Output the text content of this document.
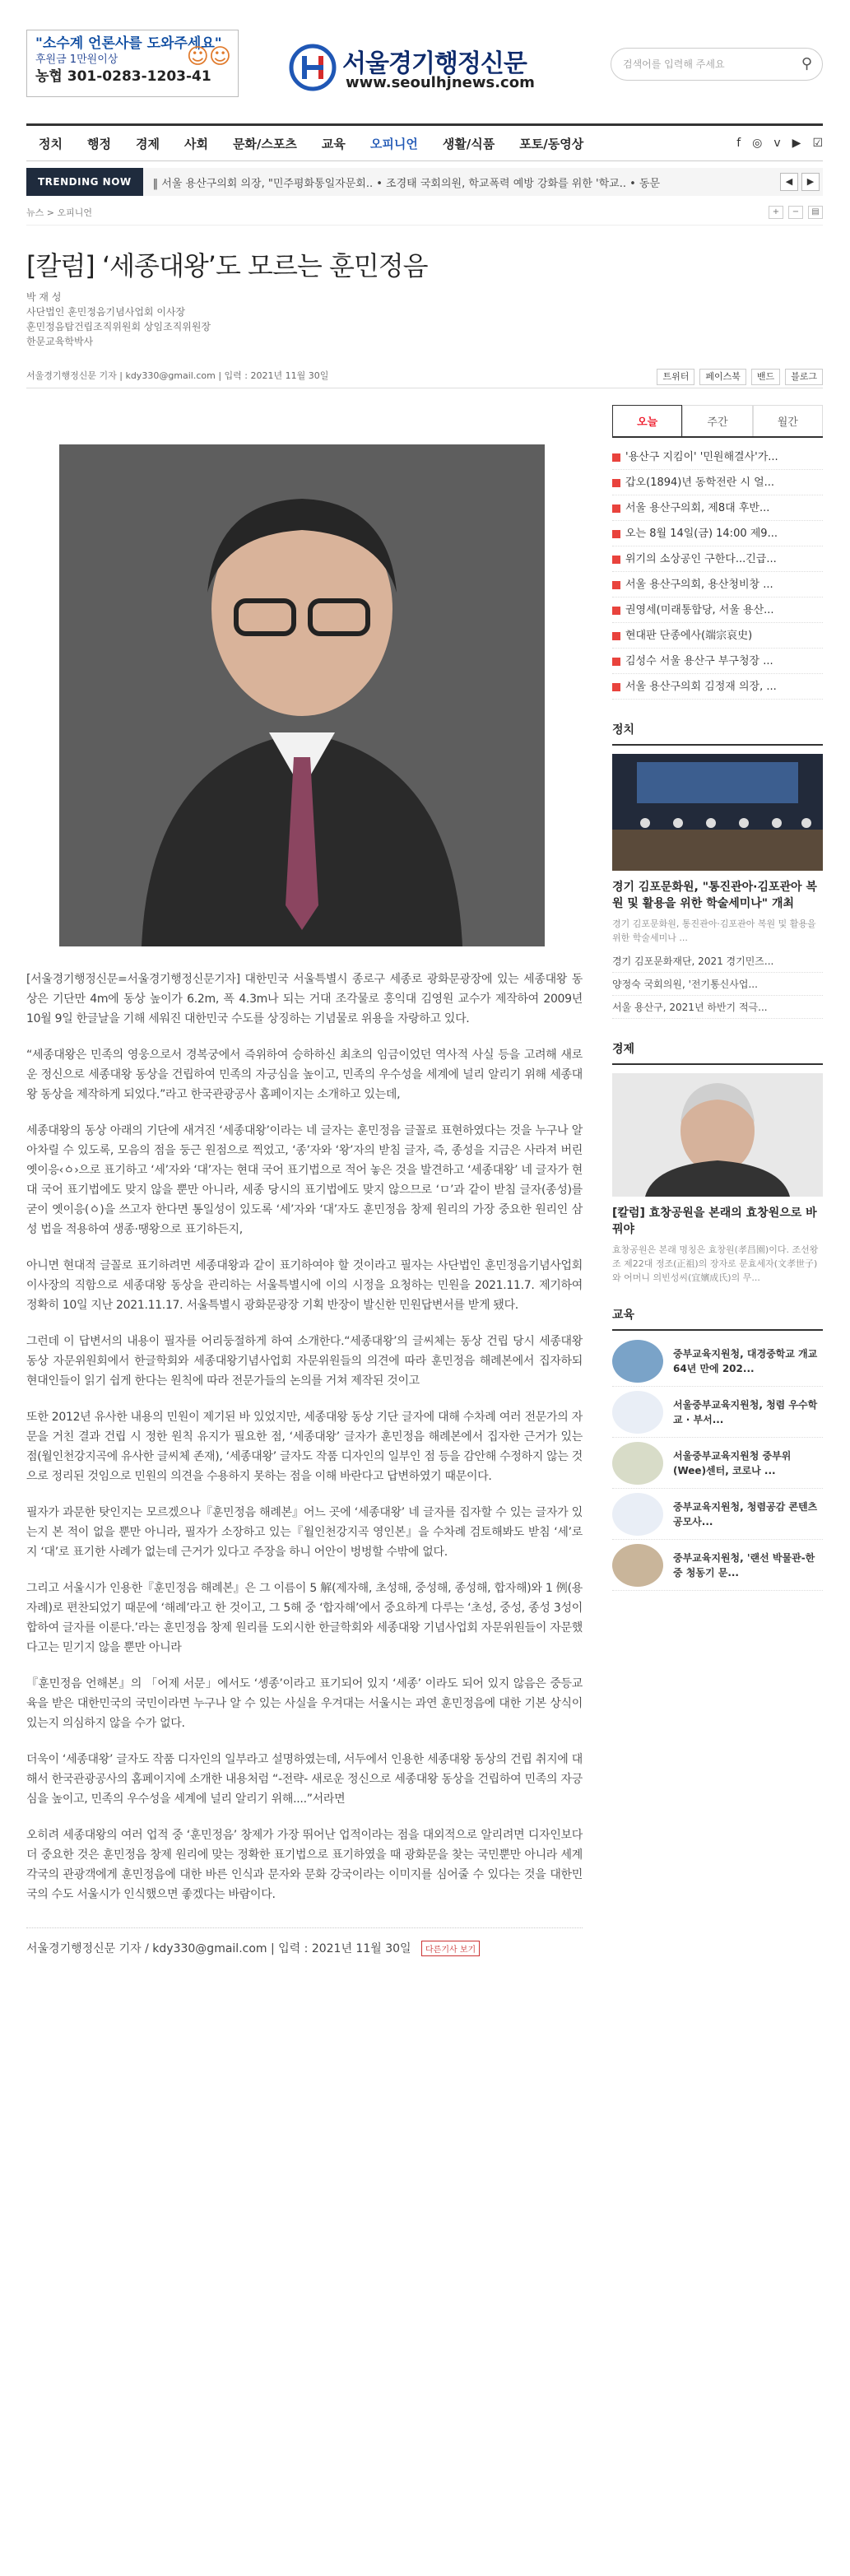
"소수계 언론사를 도와주세요"
후원금 1만원이상
농협 301-0283-1203-41
☺☺	서울경기행정신문
www.seoulhjnews.com
검색어를 입력해 주세요	⚲
정치	행정	경제	사회	문화/스포츠	교육	오피니언	생활/식품	포토/동영상	f ◎ v ▶ ☑
TRENDING NOW	‖ 서울 용산구의회 의장, "민주평화통일자문회.. • 조경태 국회의원, 학교폭력 예방 강화를 위한 '학교.. • 동문	◀	▶
뉴스 > 오피니언	+	−	▤
[칼럼] ‘세종대왕’도 모르는 훈민정음
박 재 성
사단법인 훈민정음기념사업회 이사장
훈민정음탑건립조직위원회 상임조직위원장
한문교육학박사
서울경기행정신문 기자 | kdy330@gmail.com | 입력 : 2021년 11월 30일	트위터	페이스북	밴드	블로그

[서울경기행정신문=서울경기행정신문기자] 대한민국 서울특별시 종로구 세종로 광화문광장에 있는 세종대왕 동상은 기단만 4m에 동상 높이가 6.2m, 폭 4.3m나 되는 거대 조각물로 홍익대 김영원 교수가 제작하여 2009년 10월 9일 한글날을 기해 세워진 대한민국 수도를 상징하는 기념물로 위용을 자랑하고 있다.

“세종대왕은 민족의 영웅으로서 경복궁에서 즉위하여 승하하신 최초의 임금이었던 역사적 사실 등을 고려해 새로운 정신으로 세종대왕 동상을 건립하여 민족의 자긍심을 높이고, 민족의 우수성을 세계에 널리 알리기 위해 세종대왕 동상을 제작하게 되었다.”라고 한국관광공사 홈페이지는 소개하고 있는데,

세종대왕의 동상 아래의 기단에 새겨진 ‘세종대왕’이라는 네 글자는 훈민정음 글꼴로 표현하였다는 것을 누구나 알아차릴 수 있도록, 모음의 점을 둥근 원점으로 찍었고, ‘종’자와 ‘왕’자의 받침 글자, 즉, 종성을 지금은 사라져 버린 옛이응‹ㆁ›으로 표기하고 ‘세’자와 ‘대’자는 현대 국어 표기법으로 적어 놓은 것을 발견하고 ‘세종대왕’ 네 글자가 현대 국어 표기법에도 맞지 않을 뿐만 아니라, 세종 당시의 표기법에도 맞지 않으므로 ‘ㅁ’과 같이 받침 글자(종성)를 굳이 옛이응(ㆁ)을 쓰고자 한다면 통일성이 있도록 ‘세’자와 ‘대’자도 훈민정음 창제 원리의 가장 중요한 원리인 삼성 법을 적용하여 생종·땡왕으로 표기하든지,

아니면 현대적 글꼴로 표기하려면 세종대왕과 같이 표기하여야 할 것이라고 필자는 사단법인 훈민정음기념사업회 이사장의 직함으로 세종대왕 동상을 관리하는 서울특별시에 이의 시정을 요청하는 민원을 2021.11.7. 제기하여 정확히 10일 지난 2021.11.17. 서울특별시 광화문광장 기획 반장이 발신한 민원답변서를 받게 됐다.

그런데 이 답변서의 내용이 필자를 어리둥절하게 하여 소개한다.“세종대왕’의 글씨체는 동상 건립 당시 세종대왕 동상 자문위원회에서 한글학회와 세종대왕기념사업회 자문위원들의 의견에 따라 훈민정음 해례본에서 집자하되 현대인들이 읽기 쉽게 한다는 원칙에 따라 전문가들의 논의를 거쳐 제작된 것이고

또한 2012년 유사한 내용의 민원이 제기된 바 있었지만, 세종대왕 동상 기단 글자에 대해 수차례 여러 전문가의 자문을 거친 결과 건립 시 정한 원칙 유지가 필요한 점, ‘세종대왕’ 글자가 훈민정음 해례본에서 집자한 근거가 있는 점(월인천강지곡에 유사한 글씨체 존재), ‘세종대왕’ 글자도 작품 디자인의 일부인 점 등을 감안해 수정하지 않는 것으로 정리된 것임으로 민원의 의견을 수용하지 못하는 점을 이해 바란다고 답변하였기 때문이다.

필자가 과문한 탓인지는 모르겠으나『훈민정음 해례본』어느 곳에 ‘세종대왕’ 네 글자를 집자할 수 있는 글자가 있는지 본 적이 없을 뿐만 아니라, 필자가 소장하고 있는『월인천강지곡 영인본』을 수차례 검토해봐도 받침 ‘세’로 지 ‘대’로 표기한 사례가 없는데 근거가 있다고 주장을 하니 어안이 벙벙할 수밖에 없다.

그리고 서울시가 인용한『훈민정음 해례본』은 그 이름이 5 解(제자해, 초성해, 중성해, 종성해, 합자해)와 1 例(용자례)로 편찬되었기 때문에 ‘해례’라고 한 것이고, 그 5해 중 ‘합자해’에서 중요하게 다루는 ‘초성, 중성, 종성 3성이 합하여 글자를 이룬다.’라는 훈민정음 창제 원리를 도외시한 한글학회와 세종대왕 기념사업회 자문위원들이 자문했다고는 믿기지 않을 뿐만 아니라

『훈민정음 언해본』의 「어제 서문」에서도 ‘솅종’이라고 표기되어 있지 ‘세종’ 이라도 되어 있지 않음은 중등교육을 받은 대한민국의 국민이라면 누구나 알 수 있는 사실을 우겨대는 서울시는 과연 훈민정음에 대한 기본 상식이 있는지 의심하지 않을 수가 없다.

더욱이 ‘세종대왕’ 글자도 작품 디자인의 일부라고 설명하였는데, 서두에서 인용한 세종대왕 동상의 건립 취지에 대해서 한국관광공사의 홈페이지에 소개한 내용처럼 “-전략- 새로운 정신으로 세종대왕 동상을 건립하여 민족의 자긍심을 높이고, 민족의 우수성을 세계에 널리 알리기 위해....”서라면

오히려 세종대왕의 여러 업적 중 ‘훈민정음’ 창제가 가장 뛰어난 업적이라는 점을 대외적으로 알리려면 디자인보다 더 중요한 것은 훈민정음 창제 원리에 맞는 정확한 표기법으로 표기하였을 때 광화문을 찾는 국민뿐만 아니라 세계 각국의 관광객에게 훈민정음에 대한 바른 인식과 문자와 문화 강국이라는 이미지를 심어줄 수 있다는 것을 대한민국의 수도 서울시가 인식했으면 좋겠다는 바람이다.

서울경기행정신문 기자 / kdy330@gmail.com | 입력 : 2021년 11월 30일 다른기사 보기
오늘	주간	월간
'용산구 지킴이' '민원해결사'가...
갑오(1894)년 동학전란 시 얼...
서울 용산구의회, 제8대 후반...
오는 8월 14일(금) 14:00 제9...
위기의 소상공인 구한다...긴급...
서울 용산구의회, 용산청비창 ...
권영세(미래통합당, 서울 용산...
현대판 단종에사(端宗哀史)
김성수 서울 용산구 부구청장 ...
서울 용산구의회 김정재 의장, ...
정치
경기 김포문화원, "통진관아·김포관아 복원 및 활용을 위한 학술세미나" 개최
경기 김포문화원, 통진관아·김포관아 복원 및 활용을 위한 학술세미나 ...
경기 김포문화재단, 2021 경기민즈...
양정숙 국회의원, '전기통신사업...
서울 용산구, 2021년 하반기 적극...
경제
[칼럼] 효창공원을 본래의 효창원으로 바꿔야
효창공원은 본래 명칭은 효창원(孝昌園)이다. 조선왕조 제22대 정조(正祖)의 장자로 문효세자(文孝世子)와 어머니 의빈성씨(宜嬪成氏)의 무...
교육
중부교육지원청, 대경중학교 개교 64년 만에 202...
서울중부교육지원청, 청렴 우수학교 · 부서...
서울중부교육지원청 중부위(Wee)센터, 코로나 ...
중부교육지원청, 청렴공감 콘텐츠 공모사...
중부교육지원청, '랜선 박물관-한중 청동기 문...
